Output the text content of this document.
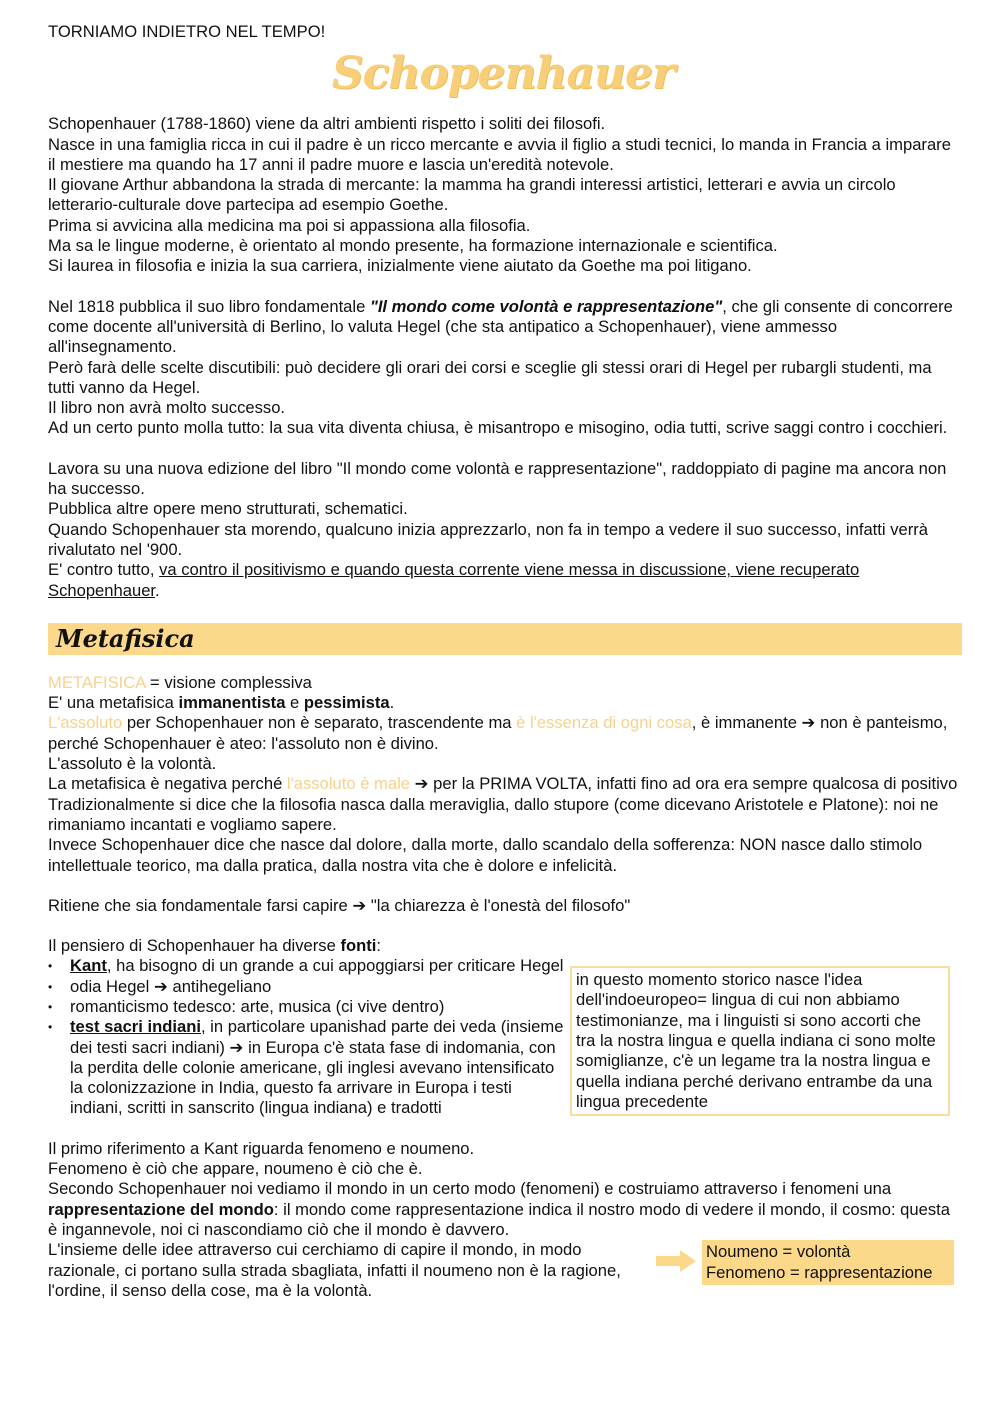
TORNIAMO INDIETRO NEL TEMPO!

Schopenhauer

Schopenhauer (1788-1860) viene da altri ambienti rispetto i soliti dei filosofi.

Nasce in una famiglia ricca in cui il padre è un ricco mercante e avvia il figlio a studi tecnici, lo manda in Francia a imparare il mestiere ma quando ha 17 anni il padre muore e lascia un'eredità notevole.

Il giovane Arthur abbandona la strada di mercante: la mamma ha grandi interessi artistici, letterari e avvia un circolo letterario-culturale dove partecipa ad esempio Goethe.

Prima si avvicina alla medicina ma poi si appassiona alla filosofia.

Ma sa le lingue moderne, è orientato al mondo presente, ha formazione internazionale e scientifica.

Si laurea in filosofia e inizia la sua carriera, inizialmente viene aiutato da Goethe ma poi litigano.

Nel 1818 pubblica il suo libro fondamentale "Il mondo come volontà e rappresentazione", che gli consente di concorrere come docente all'università di Berlino, lo valuta Hegel (che sta antipatico a Schopenhauer), viene ammesso all'insegnamento.

Però farà delle scelte discutibili: può decidere gli orari dei corsi e sceglie gli stessi orari di Hegel per rubargli studenti, ma tutti vanno da Hegel.

Il libro non avrà molto successo.

Ad un certo punto molla tutto: la sua vita diventa chiusa, è misantropo e misogino, odia tutti, scrive saggi contro i cocchieri.

Lavora su una nuova edizione del libro "Il mondo come volontà e rappresentazione", raddoppiato di pagine ma ancora non ha successo.

Pubblica altre opere meno strutturati, schematici.

Quando Schopenhauer sta morendo, qualcuno inizia apprezzarlo, non fa in tempo a vedere il suo successo, infatti verrà rivalutato nel '900.

E' contro tutto, va contro il positivismo e quando questa corrente viene messa in discussione, viene recuperato Schopenhauer.

Metafisica

METAFISICA = visione complessiva

E' una metafisica immanentista e pessimista.

L'assoluto per Schopenhauer non è separato, trascendente ma è l'essenza di ogni cosa, è immanente ➔ non è panteismo, perché Schopenhauer è ateo: l'assoluto non è divino.

L'assoluto è la volontà.

La metafisica è negativa perché l'assoluto è male ➔ per la PRIMA VOLTA, infatti fino ad ora era sempre qualcosa di positivo

Tradizionalmente si dice che la filosofia nasca dalla meraviglia, dallo stupore (come dicevano Aristotele e Platone): noi ne rimaniamo incantati e vogliamo sapere.

Invece Schopenhauer dice che nasce dal dolore, dalla morte, dallo scandalo della sofferenza: NON nasce dallo stimolo intellettuale teorico, ma dalla pratica, dalla nostra vita che è dolore e infelicità.

Ritiene che sia fondamentale farsi capire ➔ "la chiarezza è l'onestà del filosofo"

Il pensiero di Schopenhauer ha diverse fonti:

• Kant, ha bisogno di un grande a cui appoggiarsi per criticare Hegel
• odia Hegel ➔ antihegeliano
• romanticismo tedesco: arte, musica (ci vive dentro)
• test sacri indiani, in particolare upanishad parte dei veda (insieme dei testi sacri indiani) ➔ in Europa c'è stata fase di indomania, con la perdita delle colonie americane, gli inglesi avevano intensificato la colonizzazione in India, questo fa arrivare in Europa i testi indiani, scritti in sanscrito (lingua indiana) e tradotti
in questo momento storico nasce l'idea dell'indoeuropeo= lingua di cui non abbiamo testimonianze, ma i linguisti si sono accorti che tra la nostra lingua e quella indiana ci sono molte somiglianze, c'è un legame tra la nostra lingua e quella indiana perché derivano entrambe da una lingua precedente

Il primo riferimento a Kant riguarda fenomeno e noumeno.

Fenomeno è ciò che appare, noumeno è ciò che è.

Secondo Schopenhauer noi vediamo il mondo in un certo modo (fenomeni) e costruiamo attraverso i fenomeni una rappresentazione del mondo: il mondo come rappresentazione indica il nostro modo di vedere il mondo, il cosmo: questa è ingannevole, noi ci nascondiamo ciò che il mondo è davvero.

L'insieme delle idee attraverso cui cerchiamo di capire il mondo, in modo razionale, ci portano sulla strada sbagliata, infatti il noumeno non è la ragione, l'ordine, il senso della cose, ma è la volontà.

Noumeno = volontà
Fenomeno = rappresentazione
